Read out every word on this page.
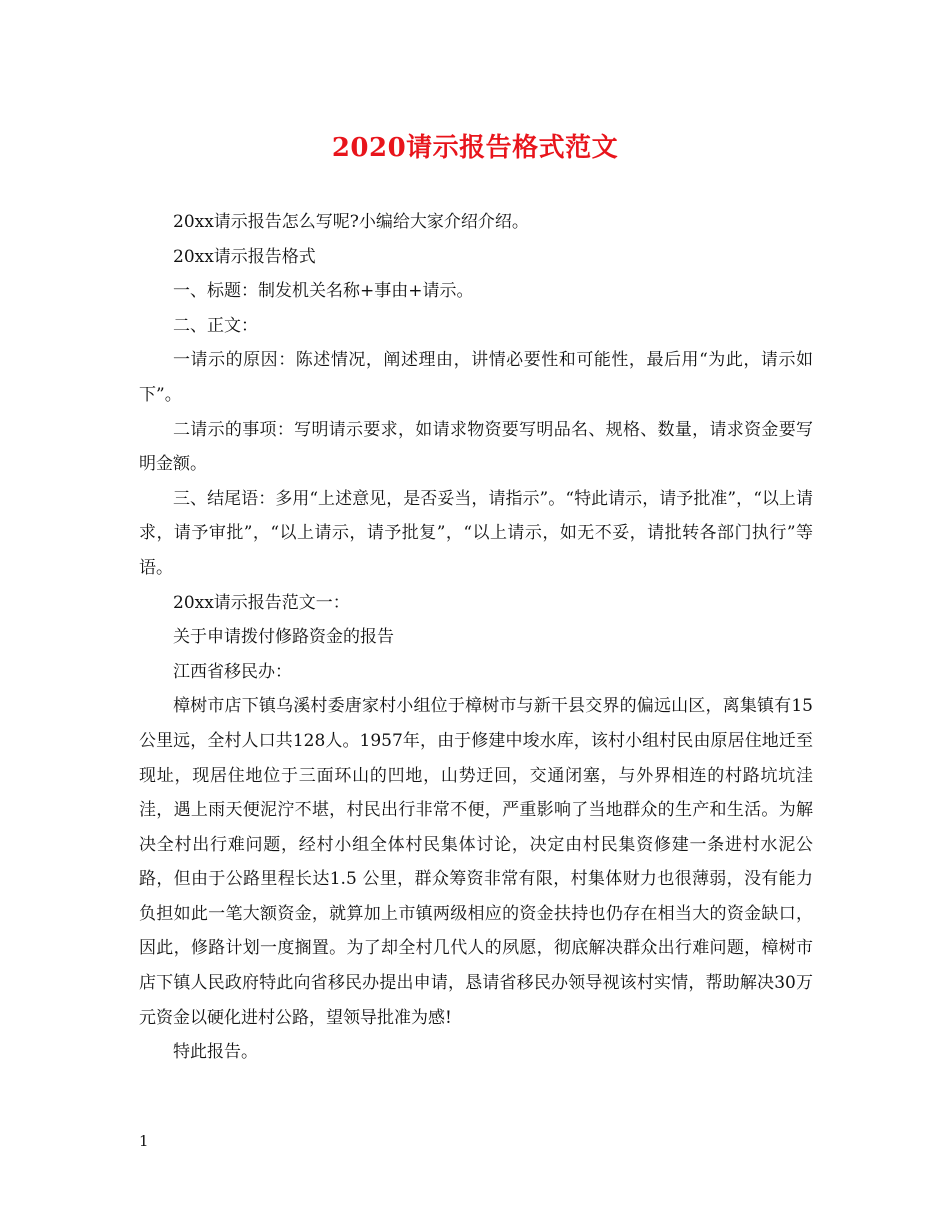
2020请示报告格式范文

20xx请示报告怎么写呢?小编给大家介绍介绍。

20xx请示报告格式

一、标题：制发机关名称+事由+请示。

二、正文：

一请示的原因：陈述情况，阐述理由，讲情必要性和可能性，最后用“为此，请示如下”。

二请示的事项：写明请示要求，如请求物资要写明品名、规格、数量，请求资金要写明金额。

三、结尾语：多用“上述意见，是否妥当，请指示”。“特此请示，请予批准”，“以上请求，请予审批”，“以上请示，请予批复”，“以上请示，如无不妥，请批转各部门执行”等语。

20xx请示报告范文一：

关于申请拨付修路资金的报告

江西省移民办：

樟树市店下镇乌溪村委唐家村小组位于樟树市与新干县交界的偏远山区，离集镇有15公里远，全村人口共128人。1957年，由于修建中埈水库，该村小组村民由原居住地迁至现址，现居住地位于三面环山的凹地，山势迂回，交通闭塞，与外界相连的村路坑坑洼洼，遇上雨天便泥泞不堪，村民出行非常不便，严重影响了当地群众的生产和生活。为解决全村出行难问题，经村小组全体村民集体讨论，决定由村民集资修建一条进村水泥公路，但由于公路里程长达1.5 公里，群众筹资非常有限，村集体财力也很薄弱，没有能力负担如此一笔大额资金，就算加上市镇两级相应的资金扶持也仍存在相当大的资金缺口，因此，修路计划一度搁置。为了却全村几代人的夙愿，彻底解决群众出行难问题，樟树市店下镇人民政府特此向省移民办提出申请，恳请省移民办领导视该村实情，帮助解决30万元资金以硬化进村公路，望领导批准为感!

特此报告。

1
